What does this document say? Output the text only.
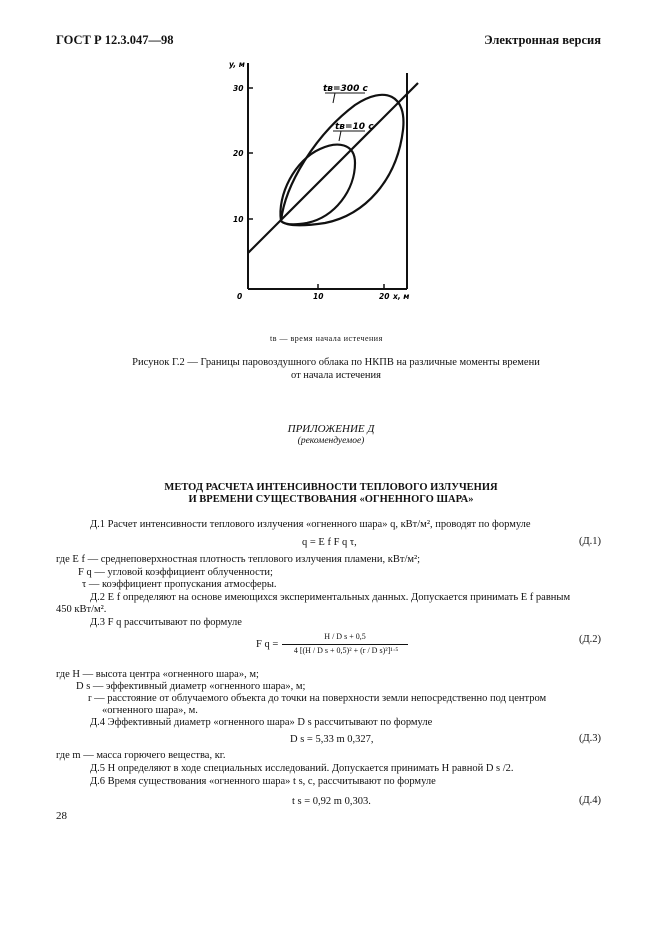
ГОСТ Р 12.3.047—98	Электронная версия
y, м
30
20
10
0	10	20 x, м
tв=300 c
tв=10 c
tв — время начала истечения
Рисунок Г.2 — Границы паровоздушного облака по НКПВ на различные моменты времени
от начала истечения
ПРИЛОЖЕНИЕ Д
(рекомендуемое)
МЕТОД РАСЧЕТА ИНТЕНСИВНОСТИ ТЕПЛОВОГО ИЗЛУЧЕНИЯ
И ВРЕМЕНИ СУЩЕСТВОВАНИЯ «ОГНЕННОГО ШАРА»
Д.1 Расчет интенсивности теплового излучения «огненного шара» q, кВт/м², проводят по формуле
q = E f F q τ,	(Д.1)
где E f — среднеповерхностная плотность теплового излучения пламени, кВт/м²;
F q — угловой коэффициент облученности;
τ — коэффициент пропускания атмосферы.
Д.2 E f определяют на основе имеющихся экспериментальных данных. Допускается принимать E f равным
450 кВт/м².
Д.3 F q рассчитывают по формуле
F q =
H / D s + 0,5
4 [(H / D s + 0,5)² + (r / D s)²]¹·⁵
(Д.2)
где H — высота центра «огненного шара», м;
D s — эффективный диаметр «огненного шара», м;
r — расстояние от облучаемого объекта до точки на поверхности земли непосредственно под центром
«огненного шара», м.
Д.4 Эффективный диаметр «огненного шара» D s рассчитывают по формуле
D s = 5,33 m 0,327,	(Д.3)
где m — масса горючего вещества, кг.
Д.5 H определяют в ходе специальных исследований. Допускается принимать H равной D s /2.
Д.6 Время существования «огненного шара» t s, с, рассчитывают по формуле
t s = 0,92 m 0,303.	(Д.4)
28
